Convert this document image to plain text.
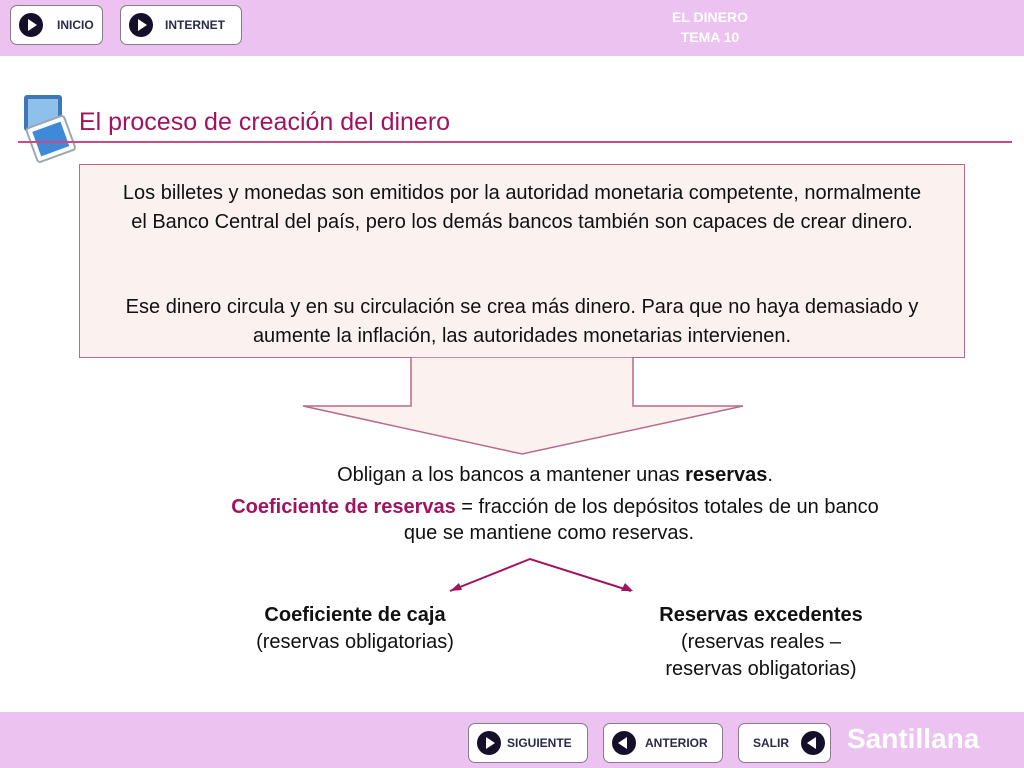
INICIO	INTERNET	EL DINERO
TEMA 10
El proceso de creación del dinero
Los billetes y monedas son emitidos por la autoridad monetaria competente, normalmente el Banco Central del país, pero los demás bancos también son capaces de crear dinero.
Ese dinero circula y en su circulación se crea más dinero. Para que no haya demasiado y aumente la inflación, las autoridades monetarias intervienen.
Obligan a los bancos a mantener unas reservas.
Coeficiente de reservas = fracción de los depósitos totales de un banco
que se mantiene como reservas.
Coeficiente de caja
(reservas obligatorias)
Reservas excedentes
(reservas reales –
reservas obligatorias)
SIGUIENTE	ANTERIOR	SALIR Santillana
